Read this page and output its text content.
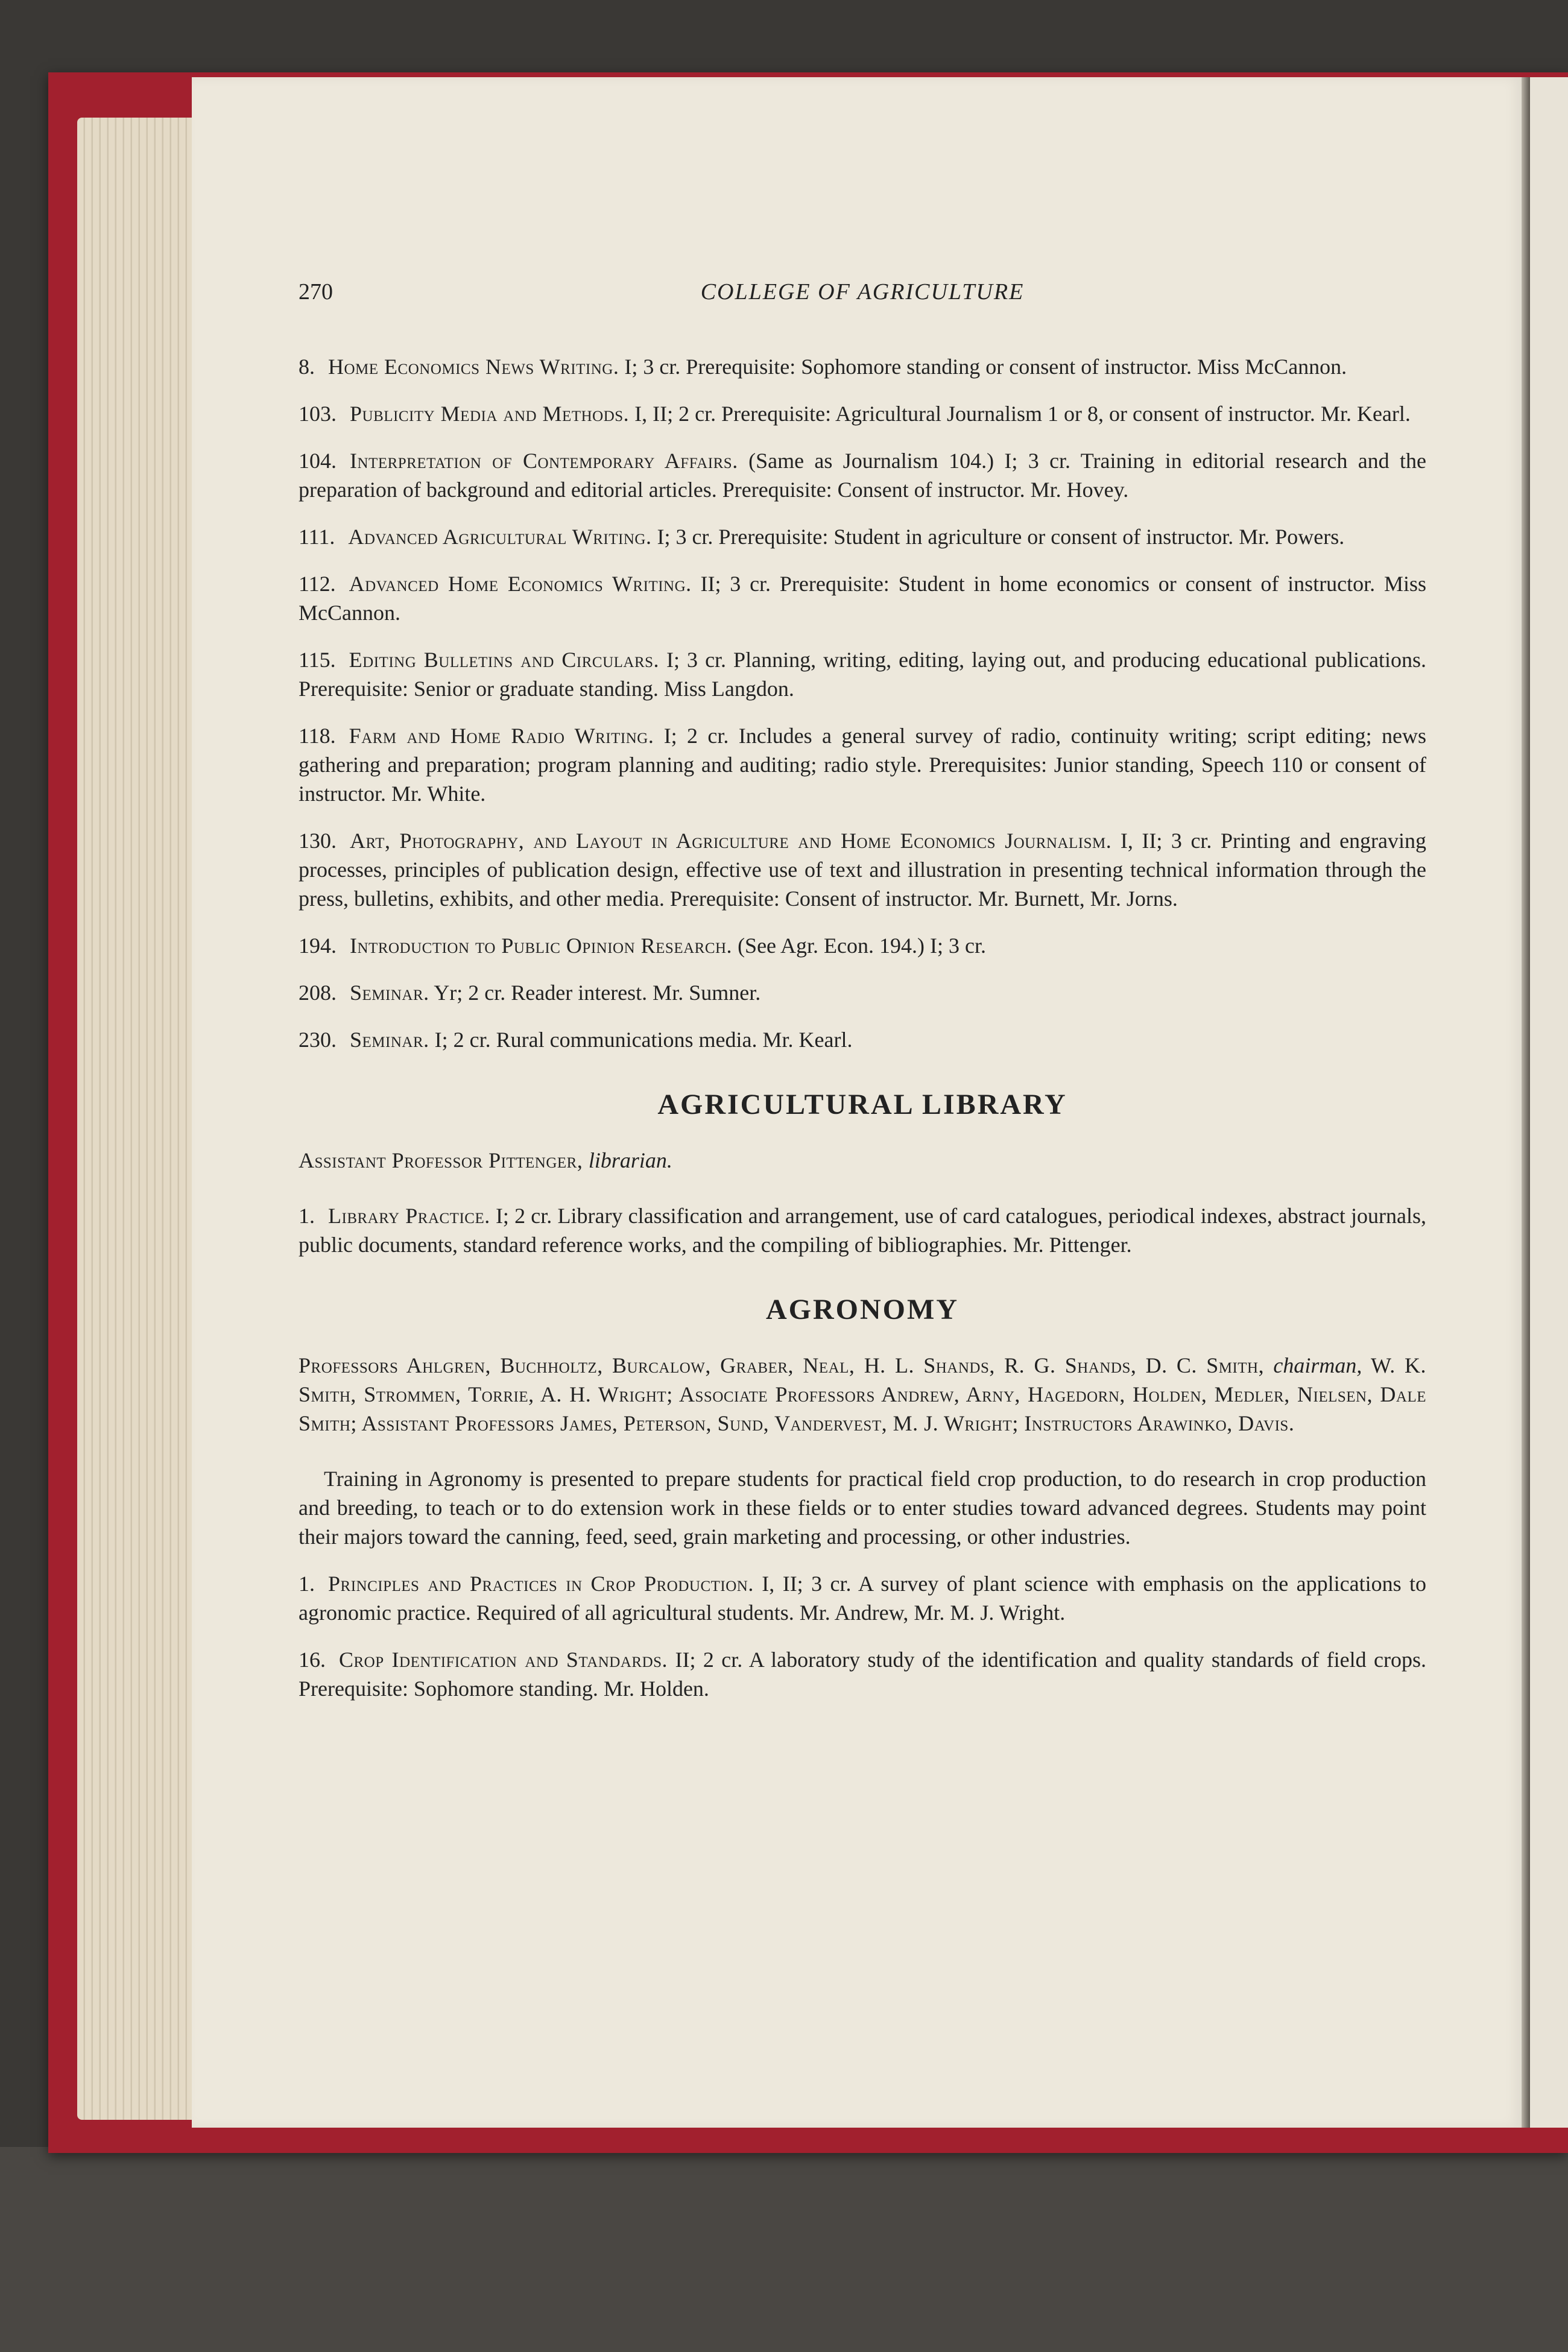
270	COLLEGE OF AGRICULTURE

8. Home Economics News Writing. I; 3 cr. Prerequisite: Sophomore standing or consent of instructor. Miss McCannon.

103. Publicity Media and Methods. I, II; 2 cr. Prerequisite: Agricultural Journalism 1 or 8, or consent of instructor. Mr. Kearl.

104. Interpretation of Contemporary Affairs. (Same as Journalism 104.) I; 3 cr. Training in editorial research and the preparation of background and editorial articles. Prerequisite: Consent of instructor. Mr. Hovey.

111. Advanced Agricultural Writing. I; 3 cr. Prerequisite: Student in agriculture or consent of instructor. Mr. Powers.

112. Advanced Home Economics Writing. II; 3 cr. Prerequisite: Student in home economics or consent of instructor. Miss McCannon.

115. Editing Bulletins and Circulars. I; 3 cr. Planning, writing, editing, laying out, and producing educational publications. Prerequisite: Senior or graduate standing. Miss Langdon.

118. Farm and Home Radio Writing. I; 2 cr. Includes a general survey of radio, continuity writing; script editing; news gathering and preparation; program planning and auditing; radio style. Prerequisites: Junior standing, Speech 110 or consent of instructor. Mr. White.

130. Art, Photography, and Layout in Agriculture and Home Economics Journalism. I, II; 3 cr. Printing and engraving processes, principles of publication design, effective use of text and illustration in presenting technical information through the press, bulletins, exhibits, and other media. Prerequisite: Consent of instructor. Mr. Burnett, Mr. Jorns.

194. Introduction to Public Opinion Research. (See Agr. Econ. 194.) I; 3 cr.

208. Seminar. Yr; 2 cr. Reader interest. Mr. Sumner.

230. Seminar. I; 2 cr. Rural communications media. Mr. Kearl.

AGRICULTURAL LIBRARY

Assistant Professor Pittenger, librarian.

1. Library Practice. I; 2 cr. Library classification and arrangement, use of card catalogues, periodical indexes, abstract journals, public documents, standard reference works, and the compiling of bibliographies. Mr. Pittenger.

AGRONOMY

Professors Ahlgren, Buchholtz, Burcalow, Graber, Neal, H. L. Shands, R. G. Shands, D. C. Smith, chairman, W. K. Smith, Strommen, Torrie, A. H. Wright; Associate Professors Andrew, Arny, Hagedorn, Holden, Medler, Nielsen, Dale Smith; Assistant Professors James, Peterson, Sund, Vandervest, M. J. Wright; Instructors Arawinko, Davis.

Training in Agronomy is presented to prepare students for practical field crop production, to do research in crop production and breeding, to teach or to do extension work in these fields or to enter studies toward advanced degrees. Students may point their majors toward the canning, feed, seed, grain marketing and processing, or other industries.

1. Principles and Practices in Crop Production. I, II; 3 cr. A survey of plant science with emphasis on the applications to agronomic practice. Required of all agricultural students. Mr. Andrew, Mr. M. J. Wright.

16. Crop Identification and Standards. II; 2 cr. A laboratory study of the identification and quality standards of field crops. Prerequisite: Sophomore standing. Mr. Holden.
